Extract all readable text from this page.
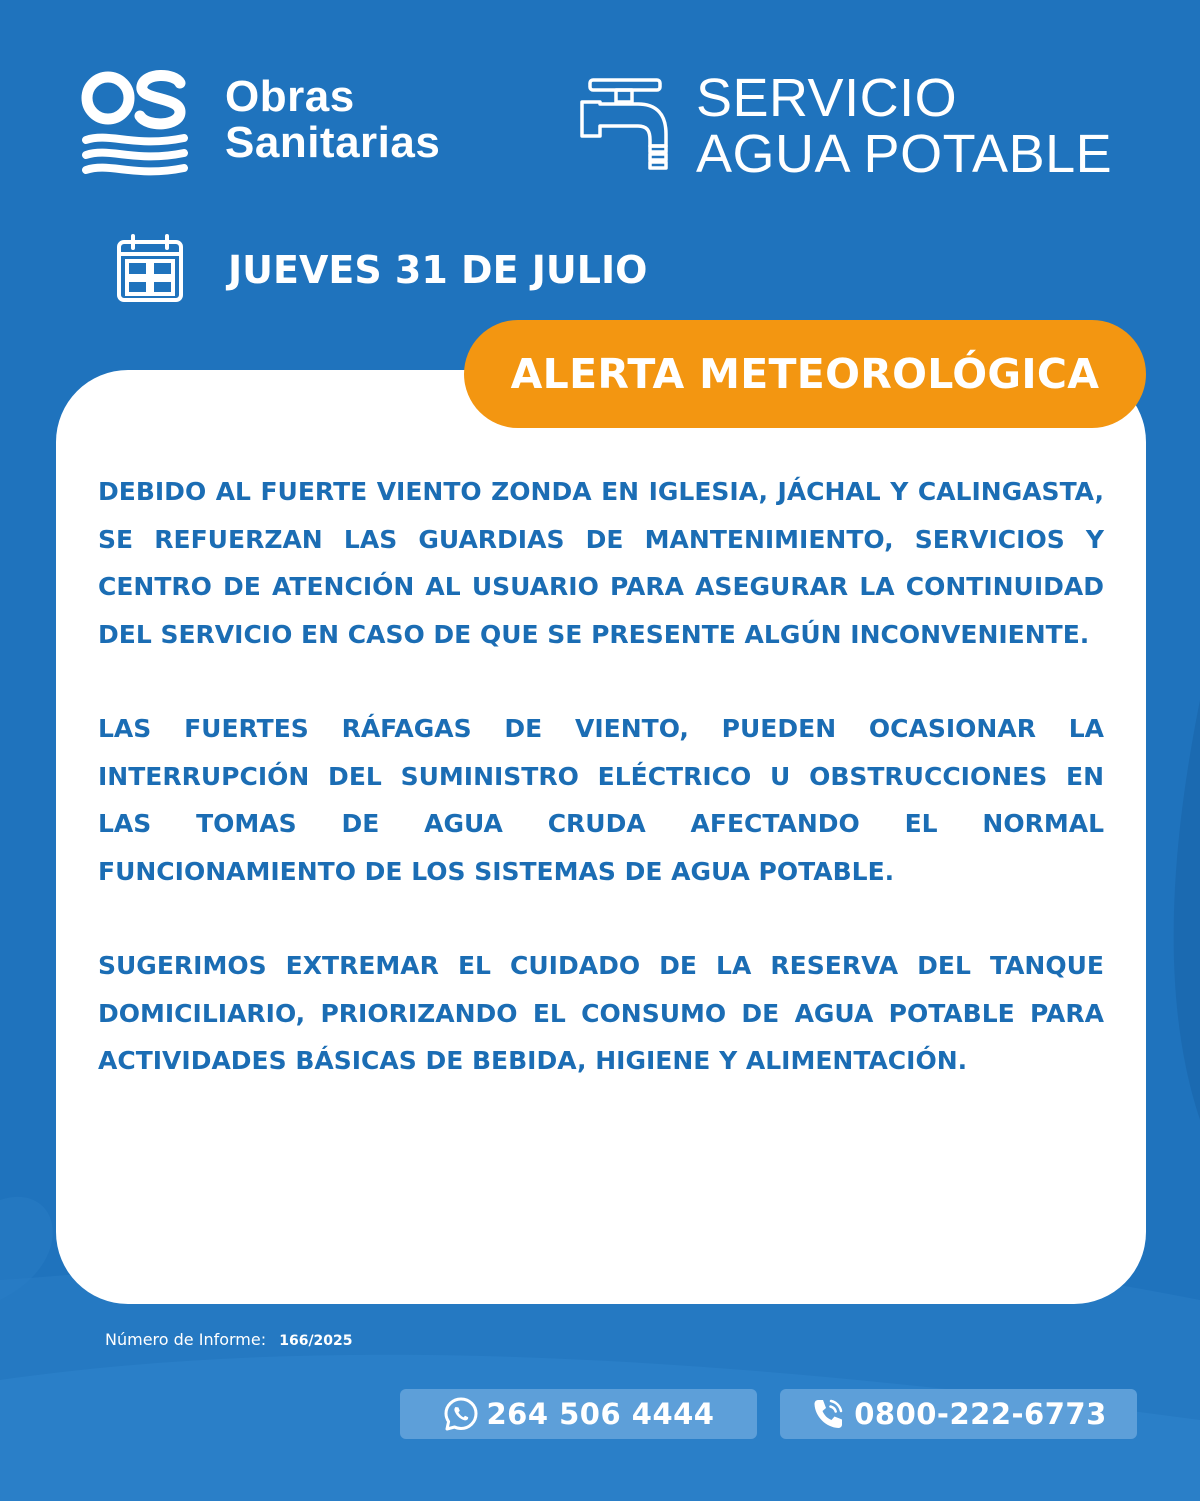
Obras
Sanitarias
SERVICIO
AGUA POTABLE
JUEVES 31 DE JULIO
ALERTA METEOROLÓGICA

DEBIDO AL FUERTE VIENTO ZONDA EN IGLESIA, JÁCHAL Y CALINGASTA, SE REFUERZAN LAS GUARDIAS DE MANTENIMIENTO, SERVICIOS Y CENTRO DE ATENCIÓN AL USUARIO PARA ASEGURAR LA CONTINUIDAD DEL SERVICIO EN CASO DE QUE SE PRESENTE ALGÚN INCONVENIENTE.

LAS FUERTES RÁFAGAS DE VIENTO, PUEDEN OCASIONAR LA INTERRUPCIÓN DEL SUMINISTRO ELÉCTRICO U OBSTRUCCIONES EN LAS TOMAS DE AGUA CRUDA AFECTANDO EL NORMAL FUNCIONAMIENTO DE LOS SISTEMAS DE AGUA POTABLE.

SUGERIMOS EXTREMAR EL CUIDADO DE LA RESERVA DEL TANQUE DOMICILIARIO, PRIORIZANDO EL CONSUMO DE AGUA POTABLE PARA ACTIVIDADES BÁSICAS DE BEBIDA, HIGIENE Y ALIMENTACIÓN.

Número de Informe: 166/2025
264 506 4444	0800-222-6773
